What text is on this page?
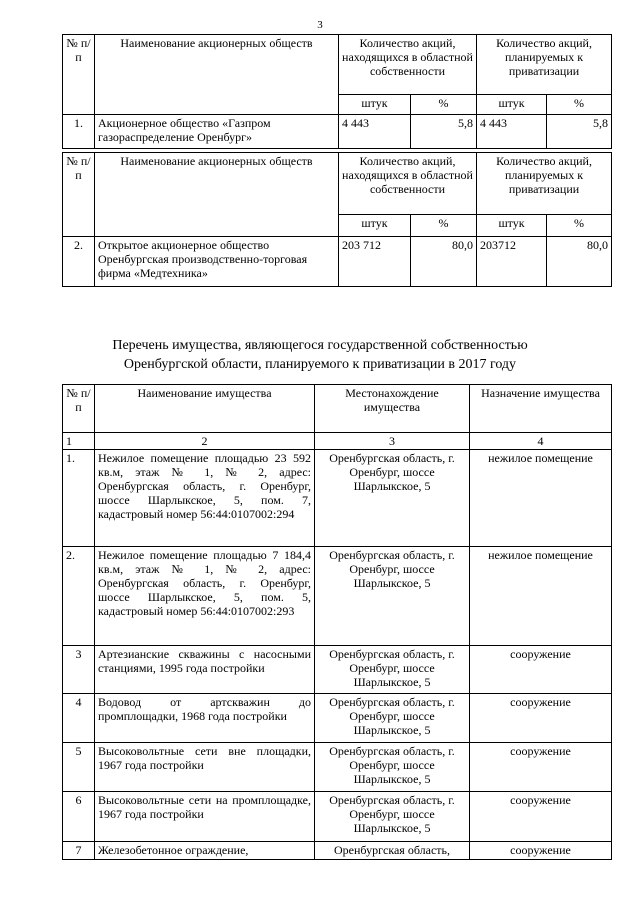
3
№ п/п	Наименование акционерных обществ	Количество акций, находящихся в областной собственности		Количество акций, планируемых к приватизации	
		штук	%	штук	%
1.	Акционерное общество «Газпром газораспределение Оренбург»	4 443	5,8	4 443	5,8
№ п/п	Наименование акционерных обществ	Количество акций, находящихся в областной собственности		Количество акций, планируемых к приватизации	
		штук	%	штук	%
2.	Открытое акционерное общество Оренбургская производственно-торговая фирма «Медтехника»	203 712	80,0	203712	80,0
Перечень имущества, являющегося государственной собственностью
Оренбургской области, планируемого к приватизации в 2017 году
№ п/п	Наименование имущества	Местонахождение имущества	Назначение имущества
1	2	3	4
1.	Нежилое помещение площадью 23 592 кв.м, этаж № 1, № 2, адрес: Оренбургская область, г. Оренбург, шоссе Шарлыкское, 5, пом. 7, кадастровый номер 56:44:0107002:294	Оренбургская область, г. Оренбург, шоссе Шарлыкское, 5	нежилое помещение
2.	Нежилое помещение площадью 7 184,4 кв.м, этаж № 1, № 2, адрес: Оренбургская область, г. Оренбург, шоссе Шарлыкское, 5, пом. 5, кадастровый номер 56:44:0107002:293	Оренбургская область, г. Оренбург, шоссе Шарлыкское, 5	нежилое помещение
3	Артезианские скважины с насосными станциями, 1995 года постройки	Оренбургская область, г. Оренбург, шоссе Шарлыкское, 5	сооружение
4	Водовод от артскважин до промплощадки, 1968 года постройки	Оренбургская область, г. Оренбург, шоссе Шарлыкское, 5	сооружение
5	Высоковольтные сети вне площадки, 1967 года постройки	Оренбургская область, г. Оренбург, шоссе Шарлыкское, 5	сооружение
6	Высоковольтные сети на промплощадке, 1967 года постройки	Оренбургская область, г. Оренбург, шоссе Шарлыкское, 5	сооружение
7	Железобетонное ограждение,	Оренбургская область,	сооружение
